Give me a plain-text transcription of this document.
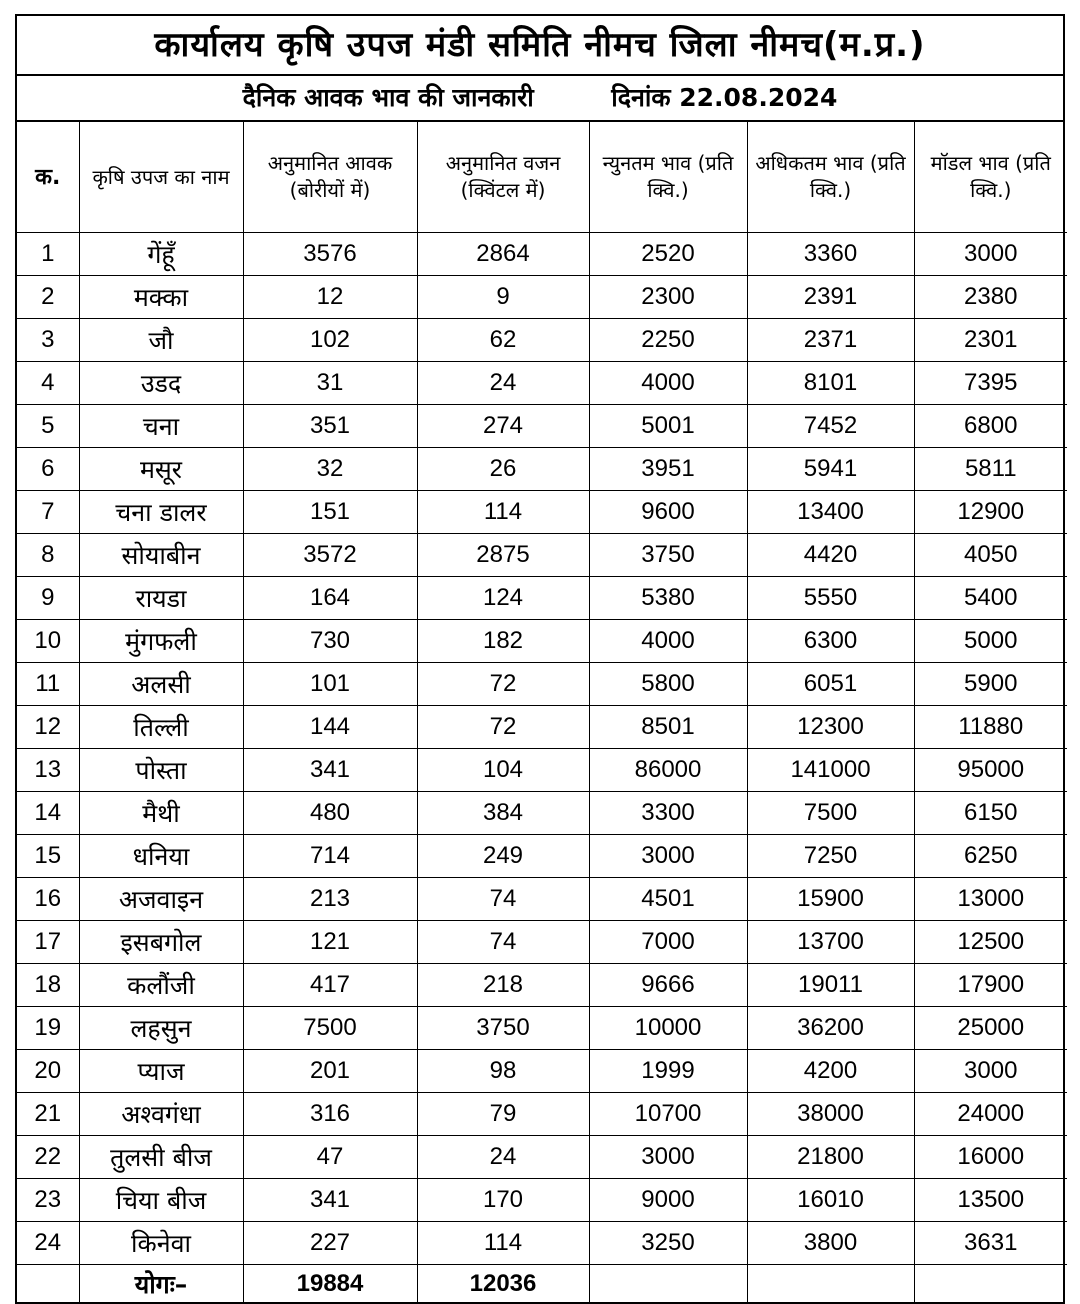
कार्यालय कृषि उपज मंडी समिति नीमच जिला नीमच(म.प्र.)
दैनिक आवक भाव की जानकारी	दिनांक 22.08.2024
क.	कृषि उपज का नाम	अनुमानित आवक (बोरीयों में)	अनुमानित वजन (क्विंटल में)	न्युनतम भाव (प्रति क्वि.)	अधिकतम भाव (प्रति क्वि.)	मॉडल भाव (प्रति क्वि.)
1	गेंहूँ	3576	2864	2520	3360	3000
2	मक्का	12	9	2300	2391	2380
3	जौ	102	62	2250	2371	2301
4	उडद	31	24	4000	8101	7395
5	चना	351	274	5001	7452	6800
6	मसूर	32	26	3951	5941	5811
7	चना डालर	151	114	9600	13400	12900
8	सोयाबीन	3572	2875	3750	4420	4050
9	रायडा	164	124	5380	5550	5400
10	मुंगफली	730	182	4000	6300	5000
11	अलसी	101	72	5800	6051	5900
12	तिल्ली	144	72	8501	12300	11880
13	पोस्ता	341	104	86000	141000	95000
14	मैथी	480	384	3300	7500	6150
15	धनिया	714	249	3000	7250	6250
16	अजवाइन	213	74	4501	15900	13000
17	इसबगोल	121	74	7000	13700	12500
18	कलौंजी	417	218	9666	19011	17900
19	लहसुन	7500	3750	10000	36200	25000
20	प्याज	201	98	1999	4200	3000
21	अश्वगंधा	316	79	10700	38000	24000
22	तुलसी बीज	47	24	3000	21800	16000
23	चिया बीज	341	170	9000	16010	13500
24	किनेवा	227	114	3250	3800	3631
	योगः–	19884	12036			
